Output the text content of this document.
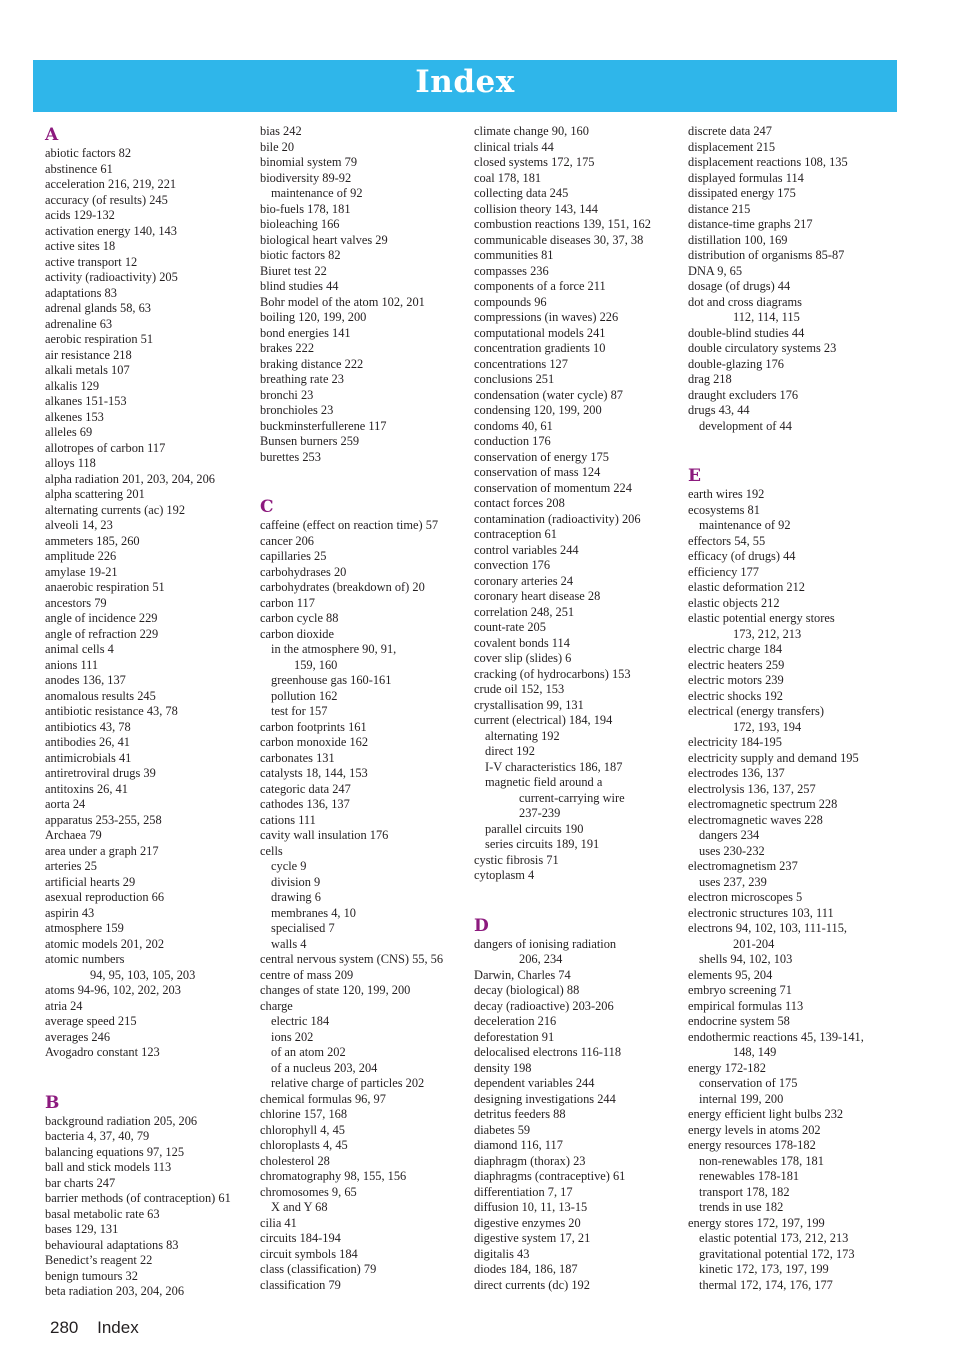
Index
A
abiotic factors 82
abstinence 61
acceleration 216, 219, 221
accuracy (of results) 245
acids 129-132
activation energy 140, 143
active sites 18
active transport 12
activity (radioactivity) 205
adaptations 83
adrenal glands 58, 63
adrenaline 63
aerobic respiration 51
air resistance 218
alkali metals 107
alkalis 129
alkanes 151-153
alkenes 153
alleles 69
allotropes of carbon 117
alloys 118
alpha radiation 201, 203, 204, 206
alpha scattering 201
alternating currents (ac) 192
alveoli 14, 23
ammeters 185, 260
amplitude 226
amylase 19-21
anaerobic respiration 51
ancestors 79
angle of incidence 229
angle of refraction 229
animal cells 4
anions 111
anodes 136, 137
anomalous results 245
antibiotic resistance 43, 78
antibiotics 43, 78
antibodies 26, 41
antimicrobials 41
antiretroviral drugs 39
antitoxins 26, 41
aorta 24
apparatus 253-255, 258
Archaea 79
area under a graph 217
arteries 25
artificial hearts 29
asexual reproduction 66
aspirin 43
atmosphere 159
atomic models 201, 202
atomic numbers
94, 95, 103, 105, 203
atoms 94-96, 102, 202, 203
atria 24
average speed 215
averages 246
Avogadro constant 123
B
background radiation 205, 206
bacteria 4, 37, 40, 79
balancing equations 97, 125
ball and stick models 113
bar charts 247
barrier methods (of contraception) 61
basal metabolic rate 63
bases 129, 131
behavioural adaptations 83
Benedict’s reagent 22
benign tumours 32
beta radiation 203, 204, 206
bias 242
bile 20
binomial system 79
biodiversity 89-92
maintenance of 92
bio-fuels 178, 181
bioleaching 166
biological heart valves 29
biotic factors 82
Biuret test 22
blind studies 44
Bohr model of the atom 102, 201
boiling 120, 199, 200
bond energies 141
brakes 222
braking distance 222
breathing rate 23
bronchi 23
bronchioles 23
buckminsterfullerene 117
Bunsen burners 259
burettes 253
C
caffeine (effect on reaction time) 57
cancer 206
capillaries 25
carbohydrases 20
carbohydrates (breakdown of) 20
carbon 117
carbon cycle 88
carbon dioxide
in the atmosphere 90, 91,
159, 160
greenhouse gas 160-161
pollution 162
test for 157
carbon footprints 161
carbon monoxide 162
carbonates 131
catalysts 18, 144, 153
categoric data 247
cathodes 136, 137
cations 111
cavity wall insulation 176
cells
cycle 9
division 9
drawing 6
membranes 4, 10
specialised 7
walls 4
central nervous system (CNS) 55, 56
centre of mass 209
changes of state 120, 199, 200
charge
electric 184
ions 202
of an atom 202
of a nucleus 203, 204
relative charge of particles 202
chemical formulas 96, 97
chlorine 157, 168
chlorophyll 4, 45
chloroplasts 4, 45
cholesterol 28
chromatography 98, 155, 156
chromosomes 9, 65
X and Y 68
cilia 41
circuits 184-194
circuit symbols 184
class (classification) 79
classification 79
climate change 90, 160
clinical trials 44
closed systems 172, 175
coal 178, 181
collecting data 245
collision theory 143, 144
combustion reactions 139, 151, 162
communicable diseases 30, 37, 38
communities 81
compasses 236
components of a force 211
compounds 96
compressions (in waves) 226
computational models 241
concentration gradients 10
concentrations 127
conclusions 251
condensation (water cycle) 87
condensing 120, 199, 200
condoms 40, 61
conduction 176
conservation of energy 175
conservation of mass 124
conservation of momentum 224
contact forces 208
contamination (radioactivity) 206
contraception 61
control variables 244
convection 176
coronary arteries 24
coronary heart disease 28
correlation 248, 251
count-rate 205
covalent bonds 114
cover slip (slides) 6
cracking (of hydrocarbons) 153
crude oil 152, 153
crystallisation 99, 131
current (electrical) 184, 194
alternating 192
direct 192
I-V characteristics 186, 187
magnetic field around a
current-carrying wire
237-239
parallel circuits 190
series circuits 189, 191
cystic fibrosis 71
cytoplasm 4
D
dangers of ionising radiation
206, 234
Darwin, Charles 74
decay (biological) 88
decay (radioactive) 203-206
deceleration 216
deforestation 91
delocalised electrons 116-118
density 198
dependent variables 244
designing investigations 244
detritus feeders 88
diabetes 59
diamond 116, 117
diaphragm (thorax) 23
diaphragms (contraceptive) 61
differentiation 7, 17
diffusion 10, 11, 13-15
digestive enzymes 20
digestive system 17, 21
digitalis 43
diodes 184, 186, 187
direct currents (dc) 192
discrete data 247
displacement 215
displacement reactions 108, 135
displayed formulas 114
dissipated energy 175
distance 215
distance-time graphs 217
distillation 100, 169
distribution of organisms 85-87
DNA 9, 65
dosage (of drugs) 44
dot and cross diagrams
112, 114, 115
double-blind studies 44
double circulatory systems 23
double-glazing 176
drag 218
draught excluders 176
drugs 43, 44
development of 44
E
earth wires 192
ecosystems 81
maintenance of 92
effectors 54, 55
efficacy (of drugs) 44
efficiency 177
elastic deformation 212
elastic objects 212
elastic potential energy stores
173, 212, 213
electric charge 184
electric heaters 259
electric motors 239
electric shocks 192
electrical (energy transfers)
172, 193, 194
electricity 184-195
electricity supply and demand 195
electrodes 136, 137
electrolysis 136, 137, 257
electromagnetic spectrum 228
electromagnetic waves 228
dangers 234
uses 230-232
electromagnetism 237
uses 237, 239
electron microscopes 5
electronic structures 103, 111
electrons 94, 102, 103, 111-115,
201-204
shells 94, 102, 103
elements 95, 204
embryo screening 71
empirical formulas 113
endocrine system 58
endothermic reactions 45, 139-141,
148, 149
energy 172-182
conservation of 175
internal 199, 200
energy efficient light bulbs 232
energy levels in atoms 202
energy resources 178-182
non-renewables 178, 181
renewables 178-181
transport 178, 182
trends in use 182
energy stores 172, 197, 199
elastic potential 173, 212, 213
gravitational potential 172, 173
kinetic 172, 173, 197, 199
thermal 172, 174, 176, 177
280 Index
